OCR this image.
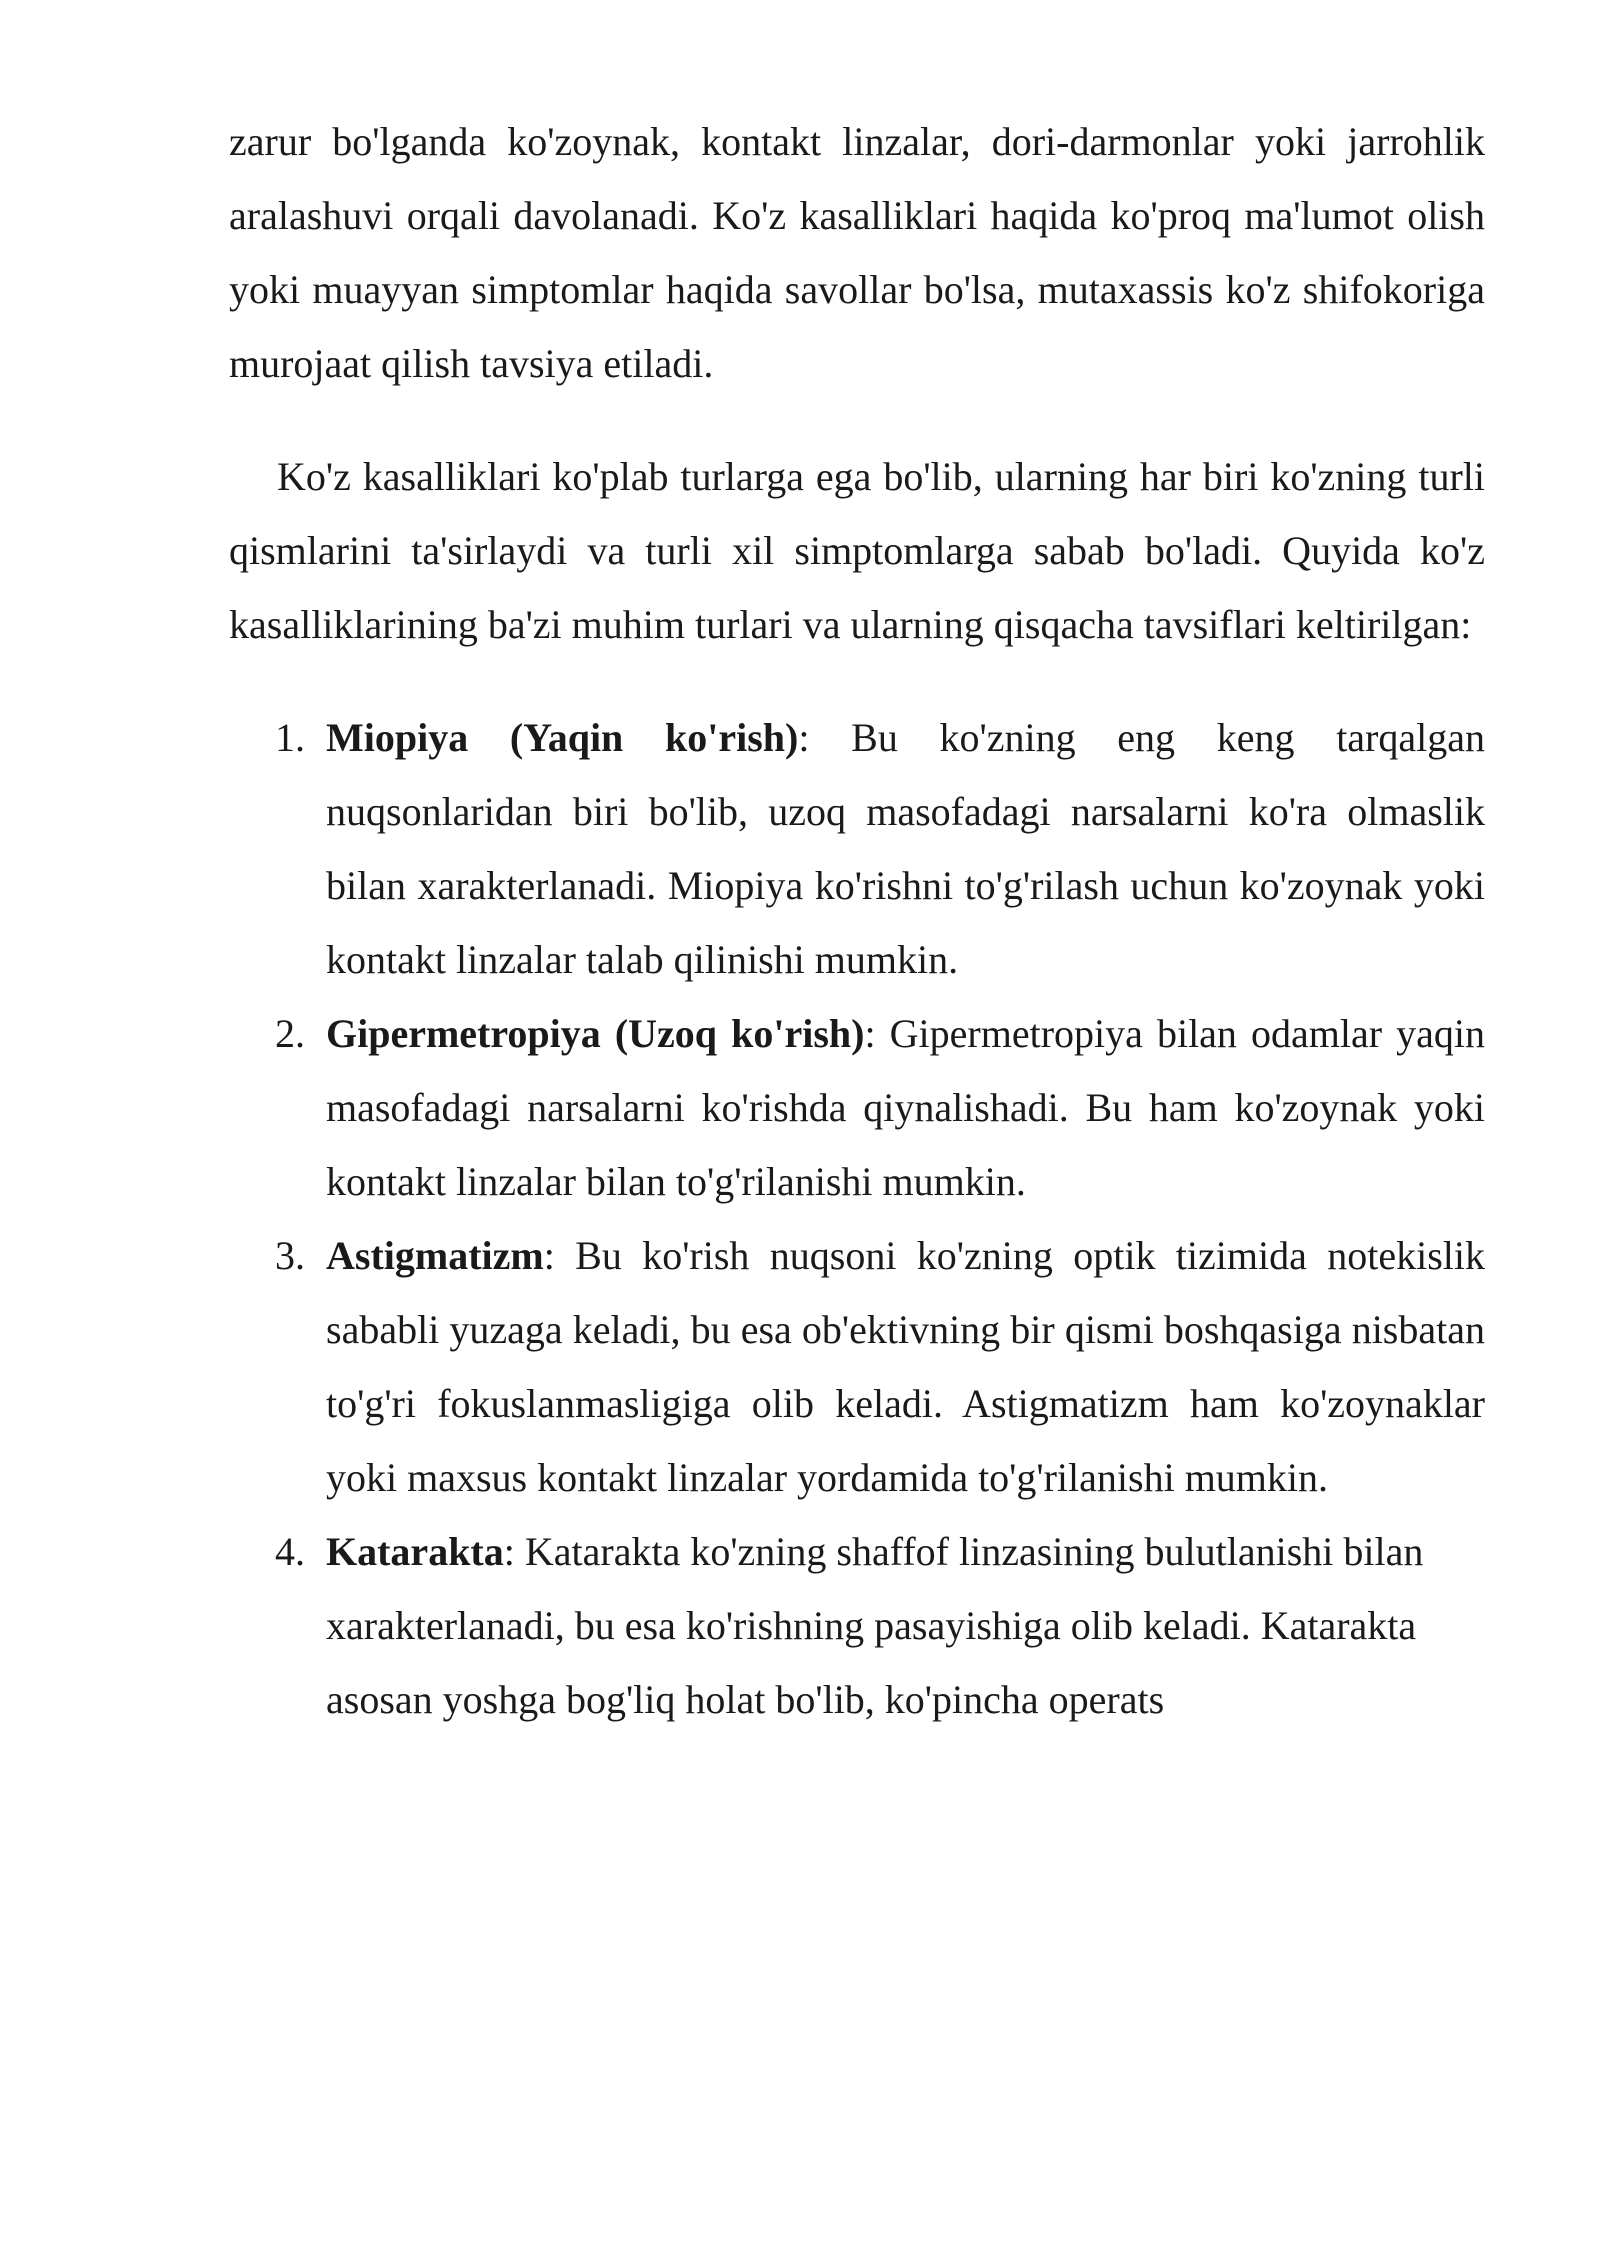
zarur bo'lganda ko'zoynak, kontakt linzalar, dori-darmonlar yoki jarrohlik aralashuvi orqali davolanadi. Ko'z kasalliklari haqida ko'proq ma'lumot olish yoki muayyan simptomlar haqida savollar bo'lsa, mutaxassis ko'z shifokoriga murojaat qilish tavsiya etiladi.

Ko'z kasalliklari ko'plab turlarga ega bo'lib, ularning har biri ko'zning turli qismlarini ta'sirlaydi va turli xil simptomlarga sabab bo'ladi. Quyida ko'z kasalliklarining ba'zi muhim turlari va ularning qisqacha tavsiflari keltirilgan:

1. Miopiya (Yaqin ko'rish): Bu ko'zning eng keng tarqalgan nuqsonlaridan biri bo'lib, uzoq masofadagi narsalarni ko'ra olmaslik bilan xarakterlanadi. Miopiya ko'rishni to'g'rilash uchun ko'zoynak yoki kontakt linzalar talab qilinishi mumkin.
2. Gipermetropiya (Uzoq ko'rish): Gipermetropiya bilan odamlar yaqin masofadagi narsalarni ko'rishda qiynalishadi. Bu ham ko'zoynak yoki kontakt linzalar bilan to'g'rilanishi mumkin.
3. Astigmatizm: Bu ko'rish nuqsoni ko'zning optik tizimida notekislik sababli yuzaga keladi, bu esa ob'ektivning bir qismi boshqasiga nisbatan to'g'ri fokuslanmasligiga olib keladi. Astigmatizm ham ko'zoynaklar yoki maxsus kontakt linzalar yordamida to'g'rilanishi mumkin.
4. Katarakta: Katarakta ko'zning shaffof linzasining bulutlanishi bilan xarakterlanadi, bu esa ko'rishning pasayishiga olib keladi. Katarakta asosan yoshga bog'liq holat bo'lib, ko'pincha operats
